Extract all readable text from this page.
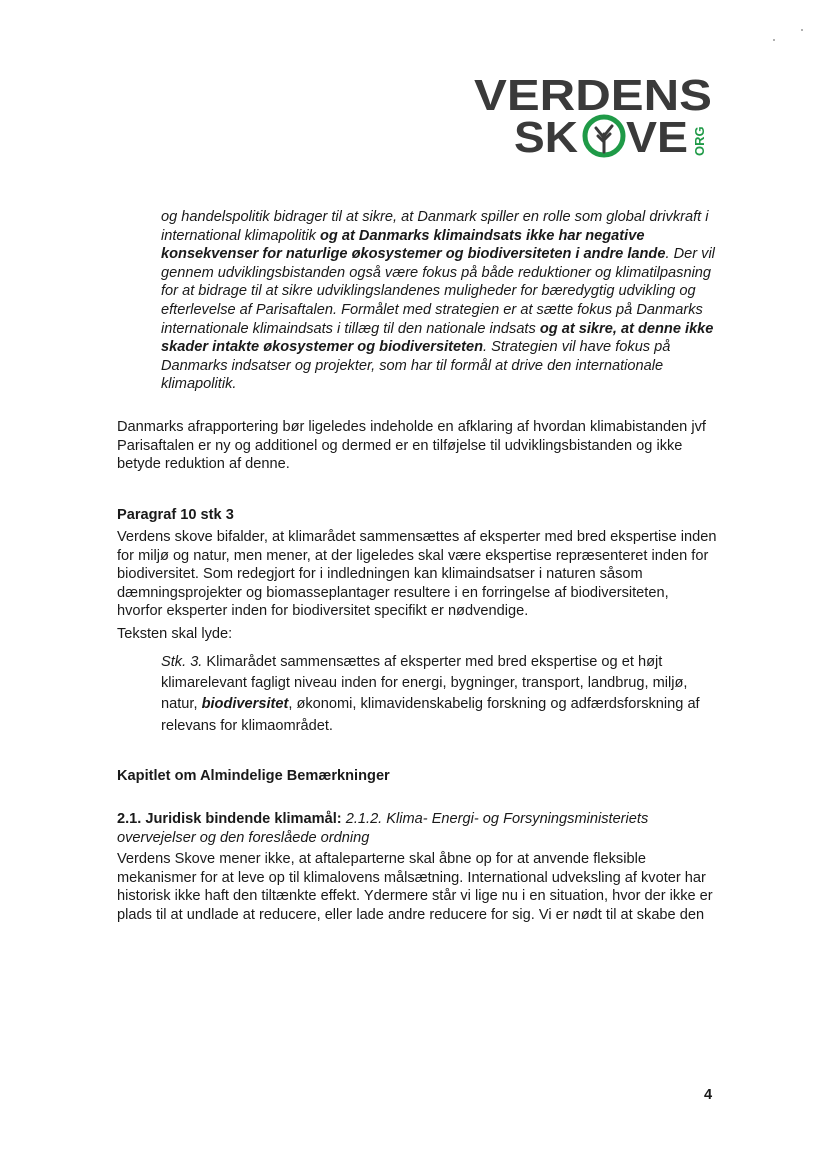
VERDENS
SK VE ORG

og handelspolitik bidrager til at sikre, at Danmark spiller en rolle som global drivkraft i international klimapolitik og at Danmarks klimaindsats ikke har negative konsekvenser for naturlige økosystemer og biodiversiteten i andre lande. Der vil gennem udviklingsbistanden også være fokus på både reduktioner og klimatilpasning for at bidrage til at sikre udviklingslandenes muligheder for bæredygtig udvikling og efterlevelse af Parisaftalen. Formålet med strategien er at sætte fokus på Danmarks internationale klimaindsats i tillæg til den nationale indsats og at sikre, at denne ikke skader intakte økosystemer og biodiversiteten. Strategien vil have fokus på Danmarks indsatser og projekter, som har til formål at drive den internationale klimapolitik.

Danmarks afrapportering bør ligeledes indeholde en afklaring af hvordan klimabistanden jvf Parisaftalen er ny og additionel og dermed er en tilføjelse til udviklingsbistanden og ikke betyde reduktion af denne.

Paragraf 10 stk 3

Verdens skove bifalder, at klimarådet sammensættes af eksperter med bred ekspertise inden for miljø og natur, men mener, at der ligeledes skal være ekspertise repræsenteret inden for biodiversitet. Som redegjort for i indledningen kan klimaindsatser i naturen såsom dæmningsprojekter og biomasseplantager resultere i en forringelse af biodiversiteten, hvorfor eksperter inden for biodiversitet specifikt er nødvendige.

Teksten skal lyde:

Stk. 3. Klimarådet sammensættes af eksperter med bred ekspertise og et højt klimarelevant fagligt niveau inden for energi, bygninger, transport, landbrug, miljø, natur, biodiversitet, økonomi, klimavidenskabelig forskning og adfærdsforskning af relevans for klimaområdet.

Kapitlet om Almindelige Bemærkninger

2.1. Juridisk bindende klimamål: 2.1.2. Klima- Energi- og Forsyningsministeriets overvejelser og den foreslåede ordning

Verdens Skove mener ikke, at aftaleparterne skal åbne op for at anvende fleksible mekanismer for at leve op til klimalovens målsætning. International udveksling af kvoter har historisk ikke haft den tiltænkte effekt. Ydermere står vi lige nu i en situation, hvor der ikke er plads til at undlade at reducere, eller lade andre reducere for sig. Vi er nødt til at skabe den

4
